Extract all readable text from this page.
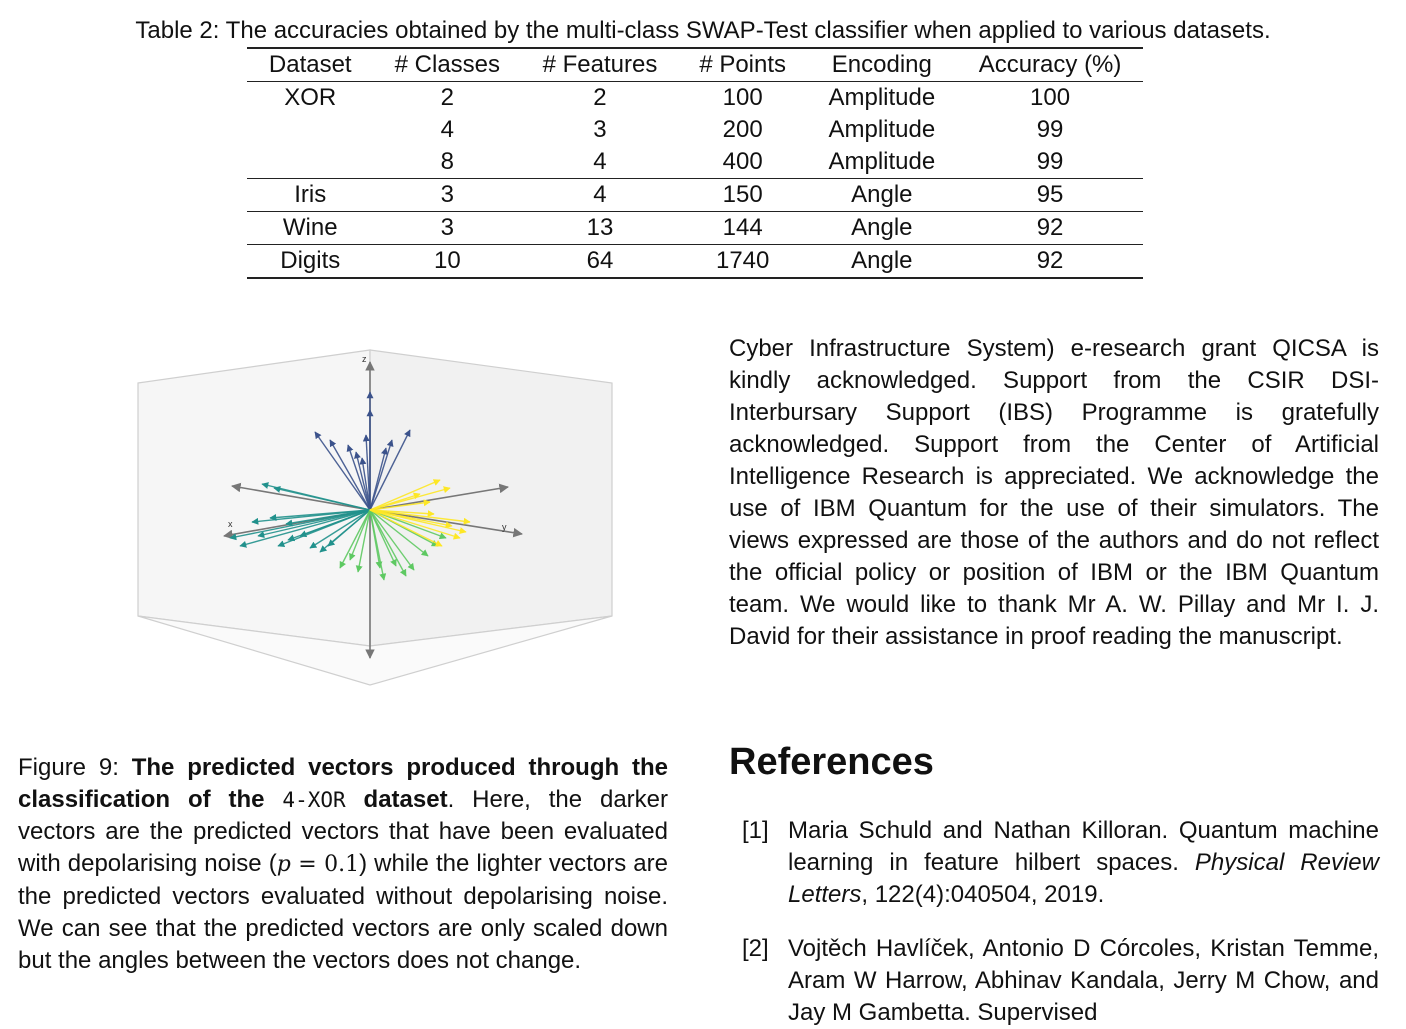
Table 2: The accuracies obtained by the multi-class SWAP-Test classifier when applied to various datasets.
Dataset	# Classes	# Features	# Points	Encoding	Accuracy (%)
XOR	2	2	100	Amplitude	100
	4	3	200	Amplitude	99
	8	4	400	Amplitude	99
Iris	3	4	150	Angle	95
Wine	3	13	144	Angle	92
Digits	10	64	1740	Angle	92
z
x	y
Figure 9: The predicted vectors produced through the classification of the 4-XOR dataset. Here, the darker vectors are the predicted vectors that have been evaluated with depolarising noise (p = 0.1) while the lighter vectors are the predicted vectors evaluated without depolarising noise. We can see that the predicted vectors are only scaled down but the angles between the vectors does not change.
Cyber Infrastructure System) e-research grant QICSA is kindly acknowledged. Support from the CSIR DSI-Interbursary Support (IBS) Programme is gratefully acknowledged. Support from the Center of Artificial Intelligence Research is appreciated. We acknowledge the use of IBM Quantum for the use of their simulators. The views expressed are those of the authors and do not reflect the official policy or position of IBM or the IBM Quantum team. We would like to thank Mr A. W. Pillay and Mr I. J. David for their assistance in proof reading the manuscript.
References
[1] Maria Schuld and Nathan Killoran. Quantum machine learning in feature hilbert spaces. Physical Review Letters, 122(4):040504, 2019.
[2] Vojtěch Havlíček, Antonio D Córcoles, Kristan Temme, Aram W Harrow, Abhinav Kandala, Jerry M Chow, and Jay M Gambetta. Supervised
